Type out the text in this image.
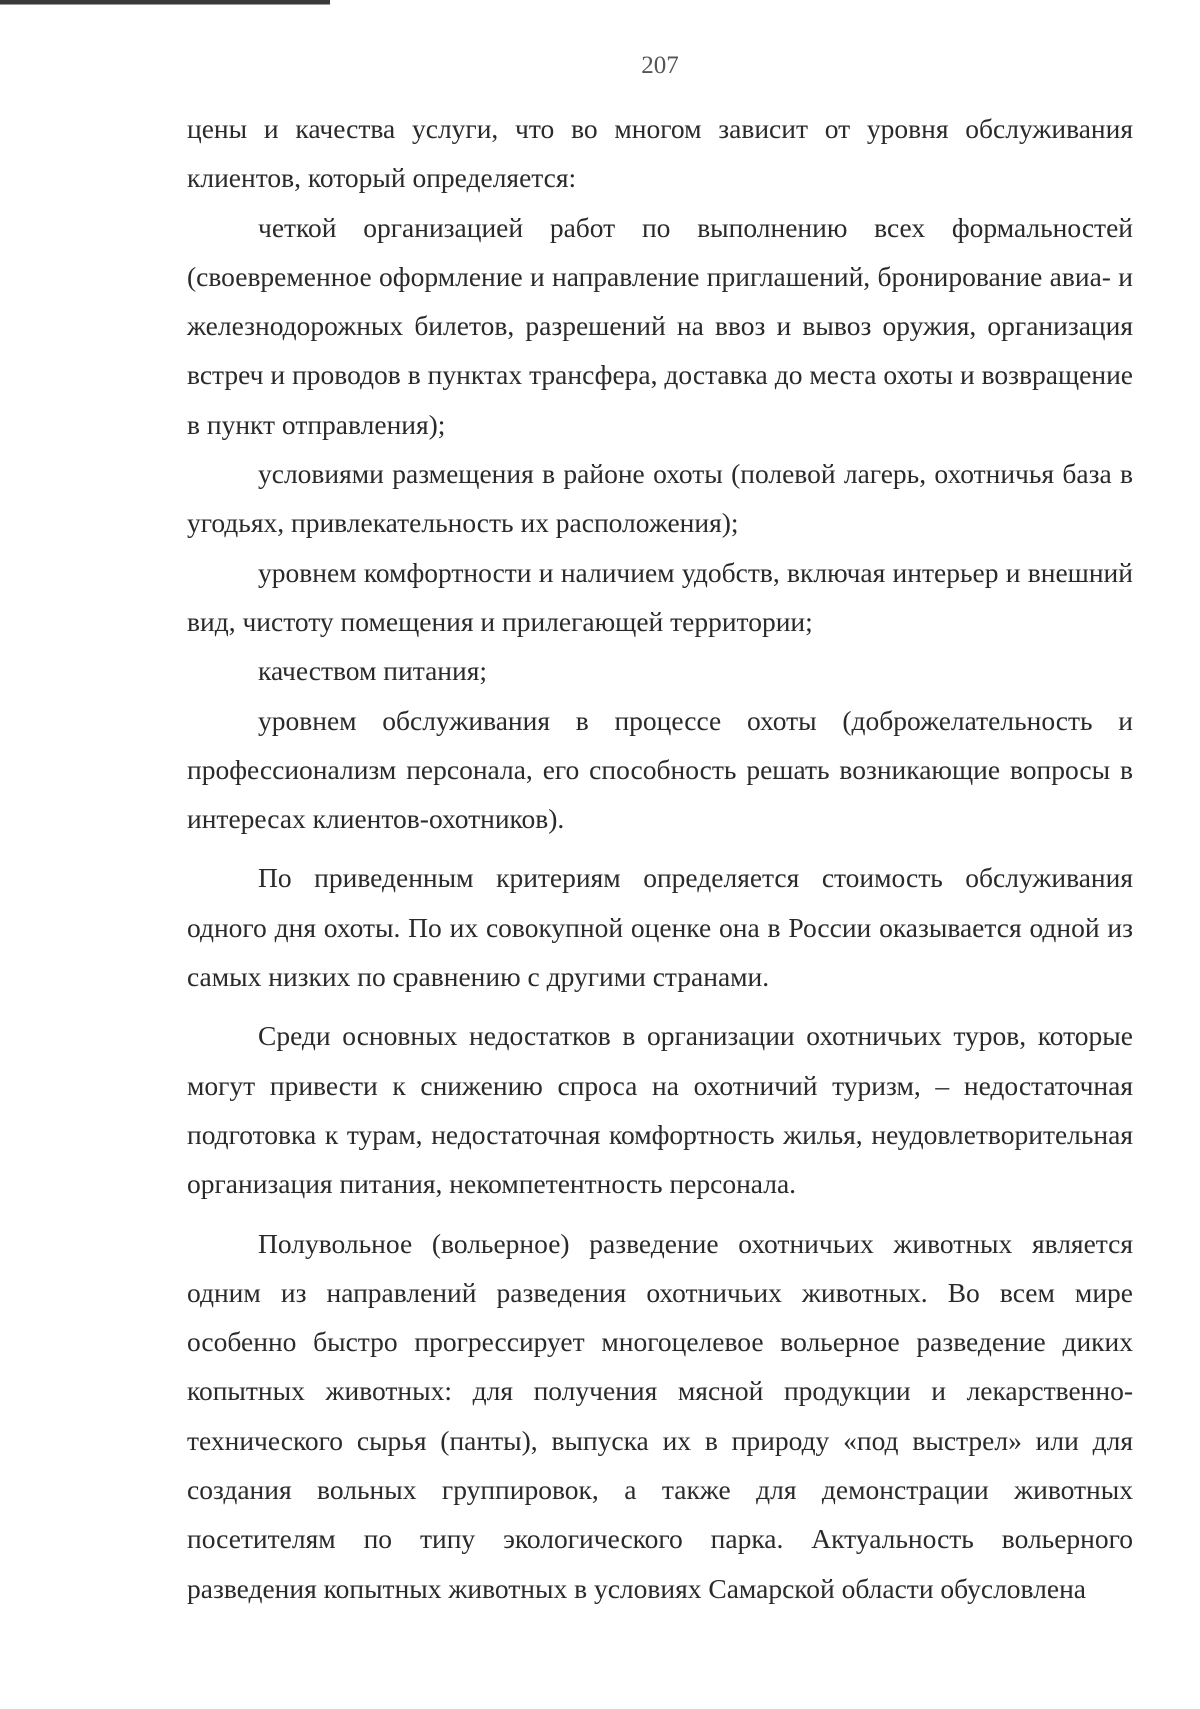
207

цены и качества услуги, что во многом зависит от уровня обслуживания клиентов, который определяется:

четкой организацией работ по выполнению всех формальностей (своевременное оформление и направление приглашений, бронирование авиа- и железнодорожных билетов, разрешений на ввоз и вывоз оружия, организация встреч и проводов в пунктах трансфера, доставка до места охоты и возвращение в пункт отправления);

условиями размещения в районе охоты (полевой лагерь, охотничья база в угодьях, привлекательность их расположения);

уровнем комфортности и наличием удобств, включая интерьер и внешний вид, чистоту помещения и прилегающей территории;

качеством питания;

уровнем обслуживания в процессе охоты (доброжелательность и профессионализм персонала, его способность решать возникающие вопросы в интересах клиентов-охотников).

По приведенным критериям определяется стоимость обслуживания одного дня охоты. По их совокупной оценке она в России оказывается одной из самых низких по сравнению с другими странами.

Среди основных недостатков в организации охотничьих туров, которые могут привести к снижению спроса на охотничий туризм, – недостаточная подготовка к турам, недостаточная комфортность жилья, неудовлетворительная организация питания, некомпетентность персонала.

Полувольное (вольерное) разведение охотничьих животных является одним из направлений разведения охотничьих животных. Во всем мире особенно быстро прогрессирует многоцелевое вольерное разведение диких копытных животных: для получения мясной продукции и лекарственно-технического сырья (панты), выпуска их в природу «под выстрел» или для создания вольных группировок, а также для демонстрации животных посетителям по типу экологического парка. Актуальность вольерного разведения копытных животных в условиях Самарской области обусловлена
